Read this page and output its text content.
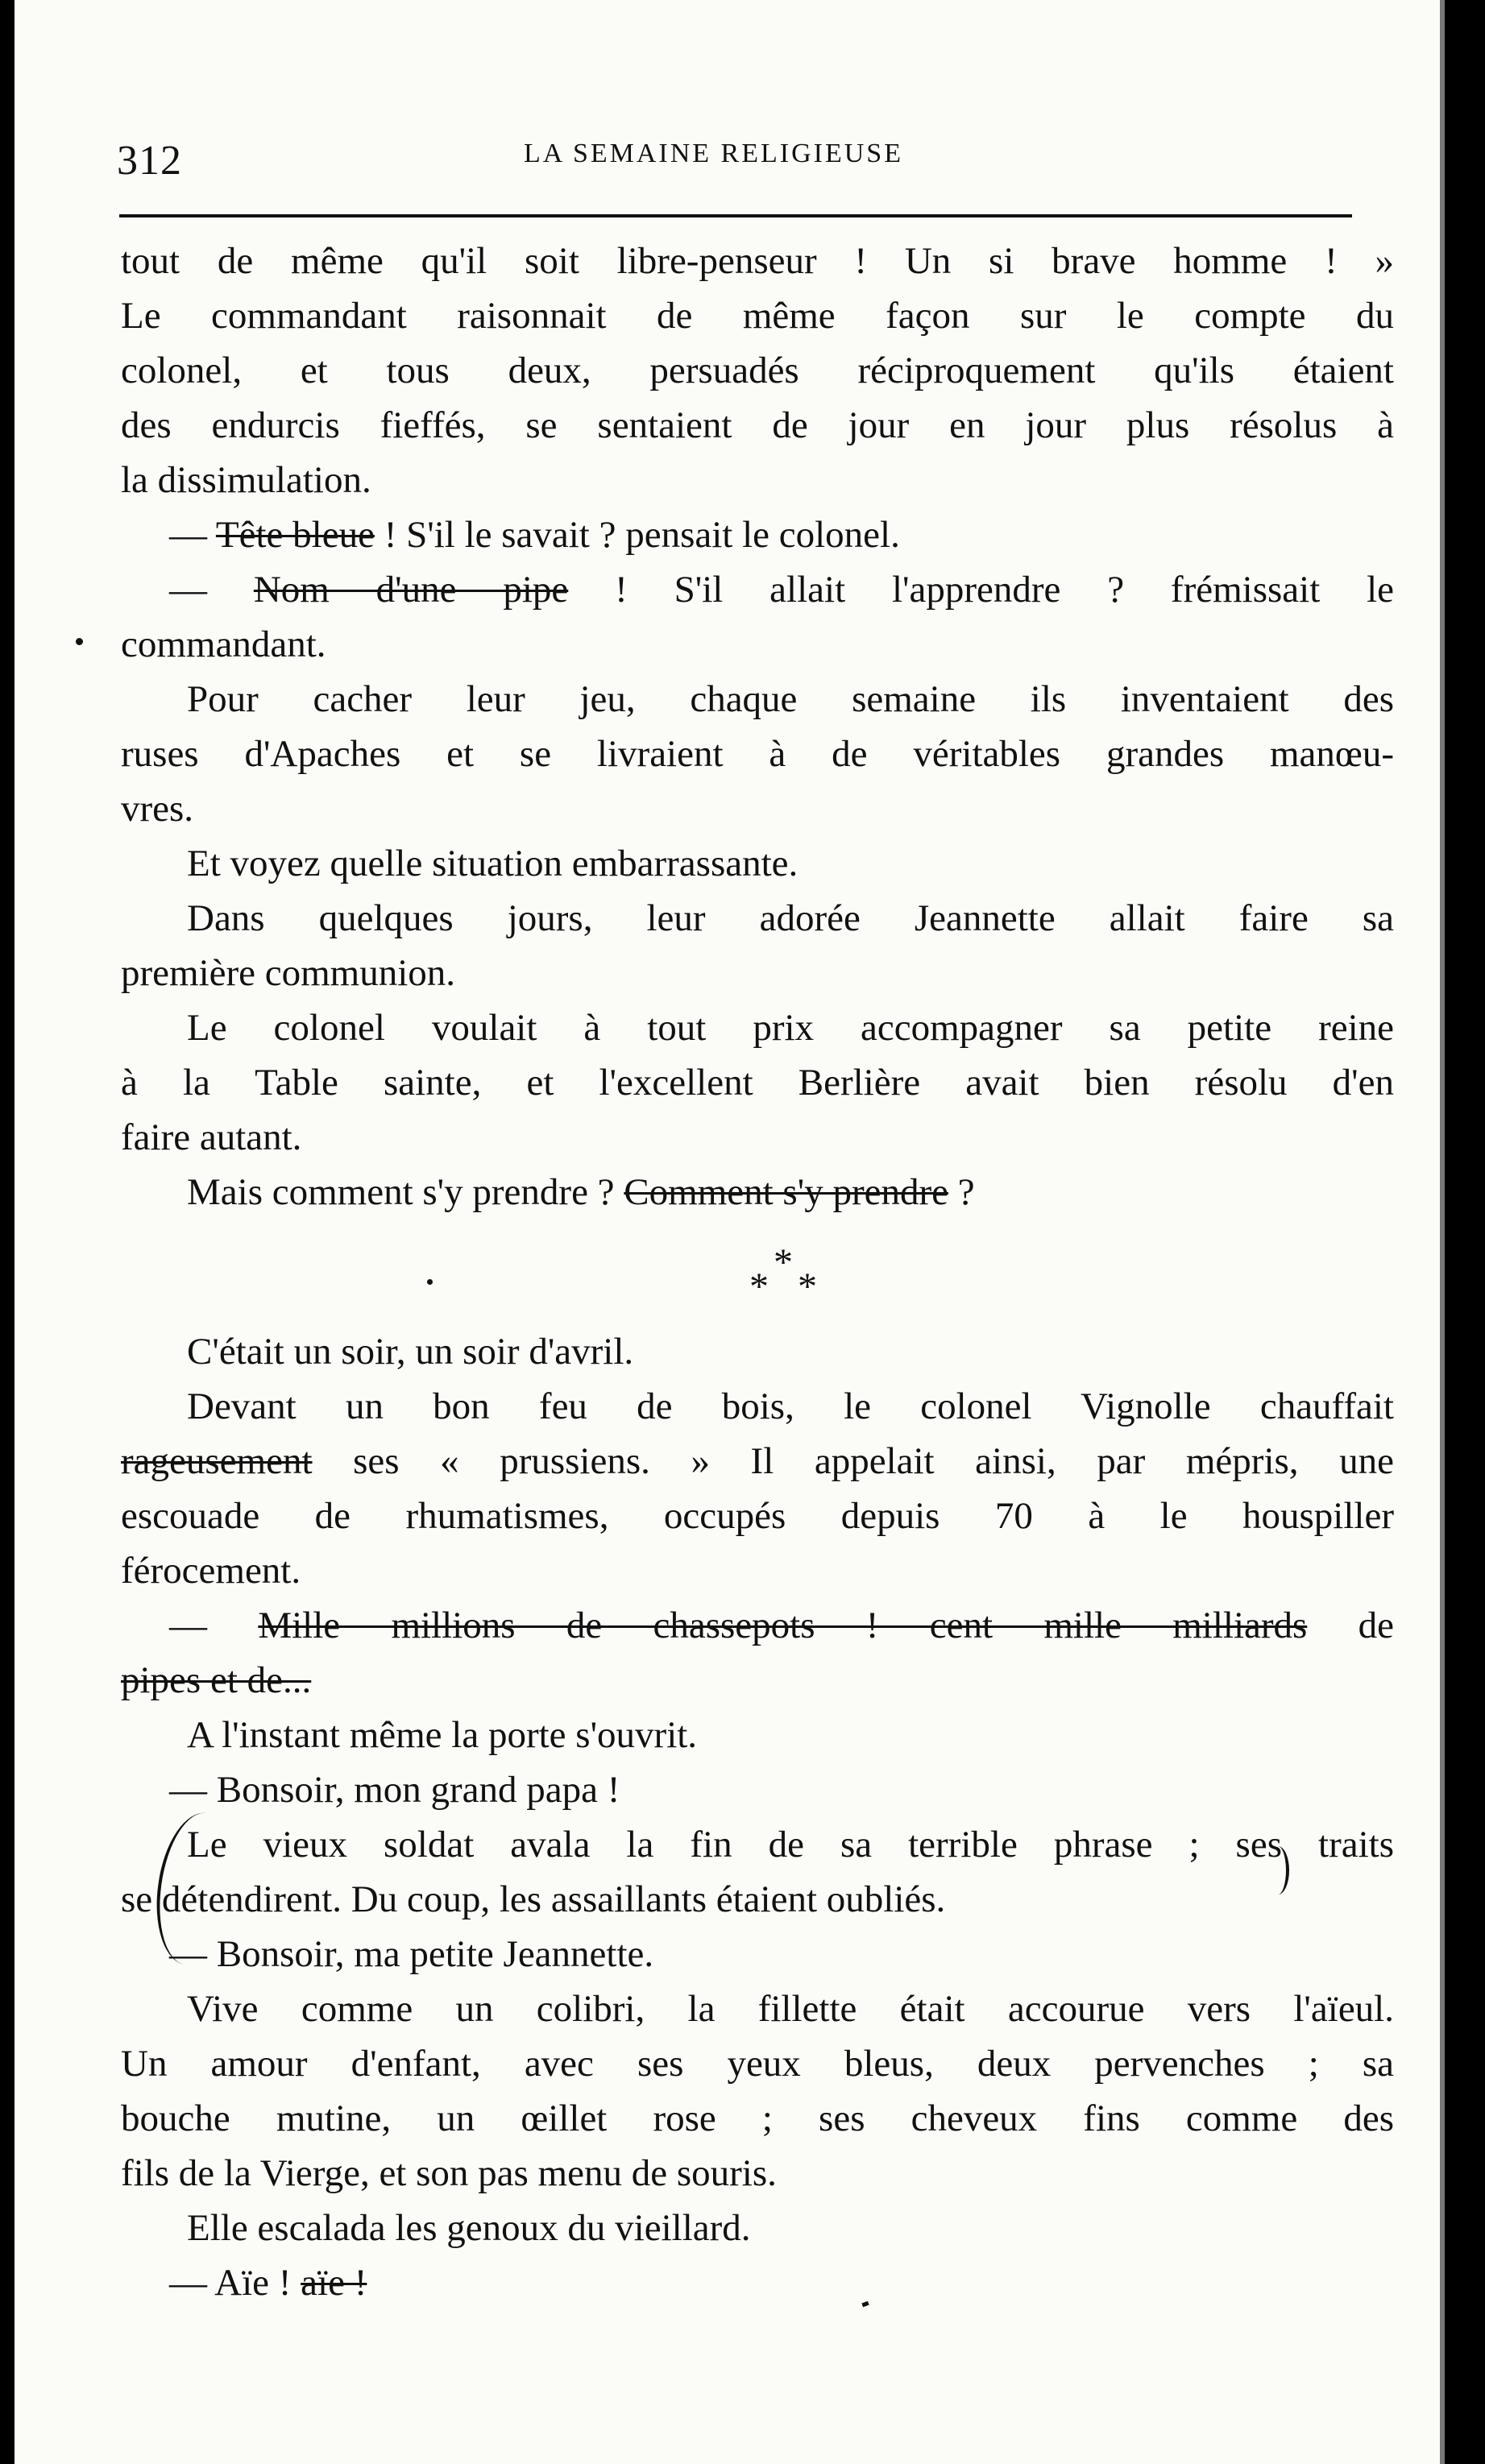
312	LA SEMAINE RELIGIEUSE
tout de même qu'il soit libre-penseur ! Un si brave homme ! »
Le commandant raisonnait de même façon sur le compte du
colonel, et tous deux, persuadés réciproquement qu'ils étaient
des endurcis fieffés, se sentaient de jour en jour plus résolus à
la dissimulation.
— Tête bleue ! S'il le savait ? pensait le colonel.
— Nom d'une pipe ! S'il allait l'apprendre ? frémissait le
commandant.
Pour cacher leur jeu, chaque semaine ils inventaient des
ruses d'Apaches et se livraient à de véritables grandes manœu-
vres.
Et voyez quelle situation embarrassante.
Dans quelques jours, leur adorée Jeannette allait faire sa
première communion.
Le colonel voulait à tout prix accompagner sa petite reine
à la Table sainte, et l'excellent Berlière avait bien résolu d'en
faire autant.
Mais comment s'y prendre ? Comment s'y prendre ?
*
* *
C'était un soir, un soir d'avril.
Devant un bon feu de bois, le colonel Vignolle chauffait
rageusement ses « prussiens. » Il appelait ainsi, par mépris, une
escouade de rhumatismes, occupés depuis 70 à le houspiller
férocement.
— Mille millions de chassepots ! cent mille milliards de
pipes et de...
A l'instant même la porte s'ouvrit.
— Bonsoir, mon grand papa !
Le vieux soldat avala la fin de sa terrible phrase ; ses traits
se détendirent. Du coup, les assaillants étaient oubliés.
— Bonsoir, ma petite Jeannette.
Vive comme un colibri, la fillette était accourue vers l'aïeul.
Un amour d'enfant, avec ses yeux bleus, deux pervenches ; sa
bouche mutine, un œillet rose ; ses cheveux fins comme des
fils de la Vierge, et son pas menu de souris.
Elle escalada les genoux du vieillard.
— Aïe ! aïe !
